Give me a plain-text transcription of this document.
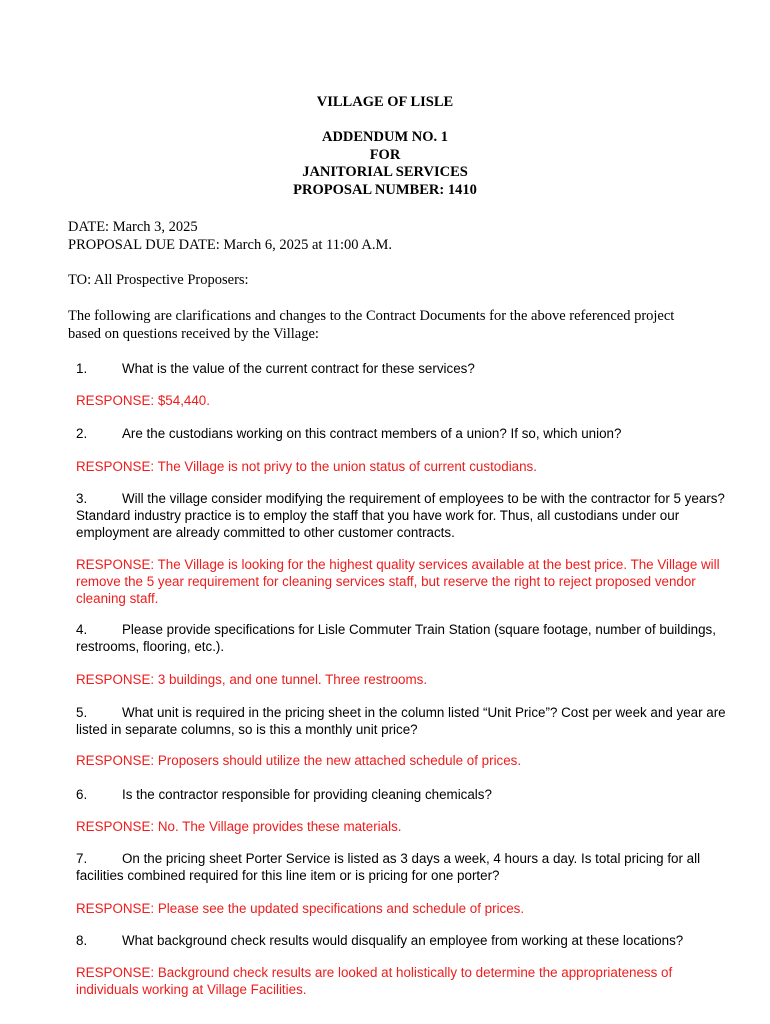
VILLAGE OF LISLE
ADDENDUM NO. 1
FOR
JANITORIAL SERVICES
PROPOSAL NUMBER: 1410
DATE: March 3, 2025
PROPOSAL DUE DATE: March 6, 2025 at 11:00 A.M.
TO: All Prospective Proposers:
The following are clarifications and changes to the Contract Documents for the above referenced project based on questions received by the Village:
1.	What is the value of the current contract for these services?
RESPONSE: $54,440.
2.	Are the custodians working on this contract members of a union? If so, which union?
RESPONSE: The Village is not privy to the union status of current custodians.
3.	Will the village consider modifying the requirement of employees to be with the contractor for 5 years? Standard industry practice is to employ the staff that you have work for. Thus, all custodians under our employment are already committed to other customer contracts.
RESPONSE: The Village is looking for the highest quality services available at the best price. The Village will remove the 5 year requirement for cleaning services staff, but reserve the right to reject proposed vendor cleaning staff.
4.	Please provide specifications for Lisle Commuter Train Station (square footage, number of buildings, restrooms, flooring, etc.).
RESPONSE: 3 buildings, and one tunnel. Three restrooms.
5.	What unit is required in the pricing sheet in the column listed “Unit Price”? Cost per week and year are listed in separate columns, so is this a monthly unit price?
RESPONSE: Proposers should utilize the new attached schedule of prices.
6.	Is the contractor responsible for providing cleaning chemicals?
RESPONSE: No. The Village provides these materials.
7.	On the pricing sheet Porter Service is listed as 3 days a week, 4 hours a day. Is total pricing for all facilities combined required for this line item or is pricing for one porter?
RESPONSE: Please see the updated specifications and schedule of prices.
8.	What background check results would disqualify an employee from working at these locations?
RESPONSE: Background check results are looked at holistically to determine the appropriateness of individuals working at Village Facilities.
